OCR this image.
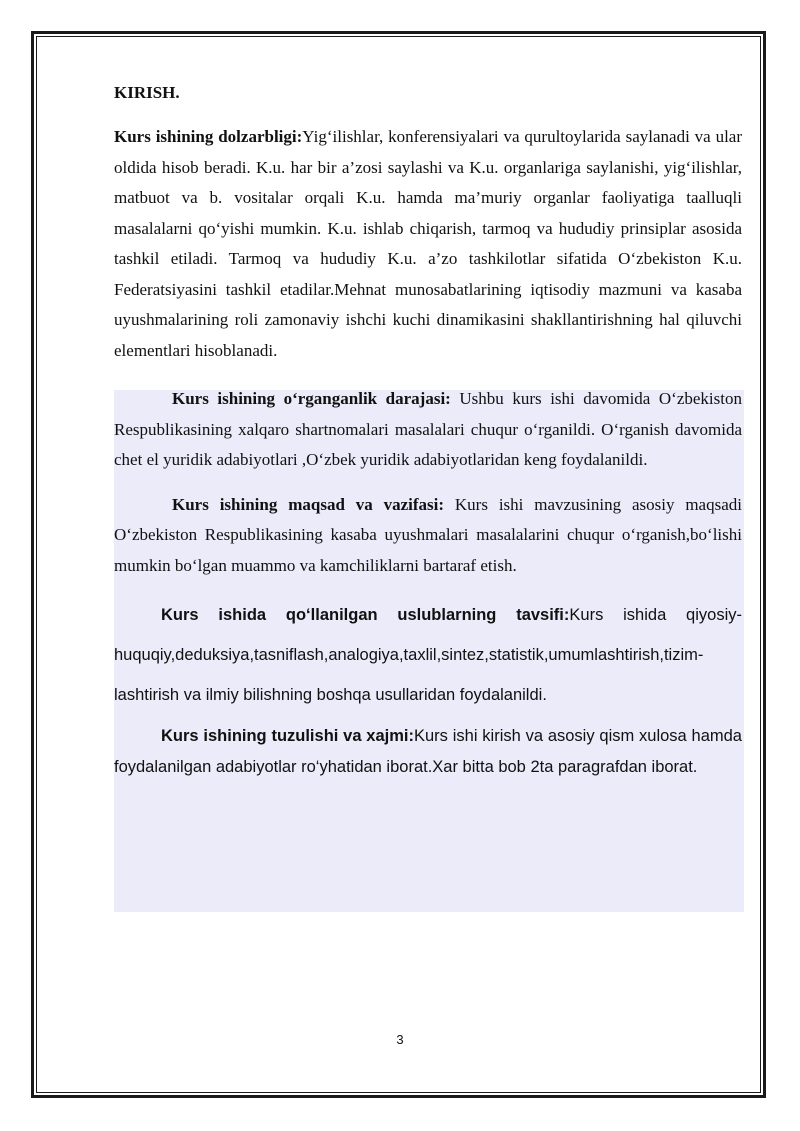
KIRISH.

Kurs ishining dolzarbligi:Yig‘ilishlar, konferensiyalari va qurultoylarida saylanadi va ular oldida hisob beradi. K.u. har bir a’zosi saylashi va K.u. organlariga saylanishi, yig‘ilishlar, matbuot va b. vositalar orqali K.u. hamda ma’muriy organlar faoliyatiga taalluqli masalalarni qo‘yishi mumkin. K.u. ishlab chiqarish, tarmoq va hududiy prinsiplar asosida tashkil etiladi. Tarmoq va hududiy K.u. a’zo tashkilotlar sifatida O‘zbekiston K.u. Federatsiyasini tashkil etadilar.Mehnat munosabatlarining iqtisodiy mazmuni va kasaba uyushmalarining roli zamonaviy ishchi kuchi dinamikasini shakllantirishning hal qiluvchi elementlari hisoblanadi.

Kurs ishining o‘rganganlik darajasi: Ushbu kurs ishi davomida O‘zbekiston Respublikasining xalqaro shartnomalari masalalari chuqur o‘rganildi. O‘rganish davomida chet el yuridik adabiyotlari ,O‘zbek yuridik adabiyotlaridan keng foydalanildi.

Kurs ishining maqsad va vazifasi: Kurs ishi mavzusining asosiy maqsadi O‘zbekiston Respublikasining kasaba uyushmalari masalalarini chuqur o‘rganish,bo‘lishi mumkin bo‘lgan muammo va kamchiliklarni bartaraf etish.

Kurs ishida qo‘llanilgan uslublarning tavsifi:Kurs ishida qiyosiy-huquqiy,deduksiya,tasniflash,analogiya,taxlil,sintez,statistik,umumlashtirish,tizim-lashtirish va ilmiy bilishning boshqa usullaridan foydalanildi.

Kurs ishining tuzulishi va xajmi:Kurs ishi kirish va asosiy qism xulosa hamda foydalanilgan adabiyotlar ro‘yhatidan iborat.Xar bitta bob 2ta paragrafdan iborat.

3
